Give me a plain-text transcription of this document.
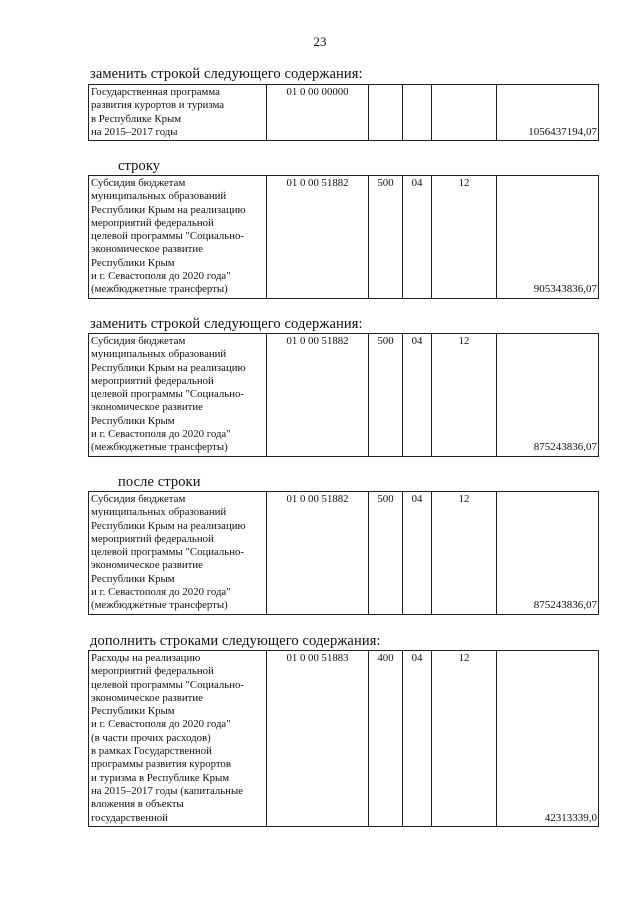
23
заменить строкой следующего содержания:
Государственная программа
развития курортов и туризма
в Республике Крым
на 2015–2017 годы	01 0 00 00000				1056437194,07
строку
Субсидия бюджетам
муниципальных образований
Республики Крым на реализацию
мероприятий федеральной
целевой программы "Социально-
экономическое развитие
Республики Крым
и г. Севастополя до 2020 года"
(межбюджетные трансферты)	01 0 00 51882	500	04	12	905343836,07
заменить строкой следующего содержания:
Субсидия бюджетам
муниципальных образований
Республики Крым на реализацию
мероприятий федеральной
целевой программы "Социально-
экономическое развитие
Республики Крым
и г. Севастополя до 2020 года"
(межбюджетные трансферты)	01 0 00 51882	500	04	12	875243836,07
после строки
Субсидия бюджетам
муниципальных образований
Республики Крым на реализацию
мероприятий федеральной
целевой программы "Социально-
экономическое развитие
Республики Крым
и г. Севастополя до 2020 года"
(межбюджетные трансферты)	01 0 00 51882	500	04	12	875243836,07
дополнить строками следующего содержания:
Расходы на реализацию
мероприятий федеральной
целевой программы "Социально-
экономическое развитие
Республики Крым
и г. Севастополя до 2020 года"
(в части прочих расходов)
в рамках Государственной
программы развития курортов
и туризма в Республике Крым
на 2015–2017 годы (капитальные
вложения в объекты
государственной	01 0 00 51883	400	04	12	42313339,0
